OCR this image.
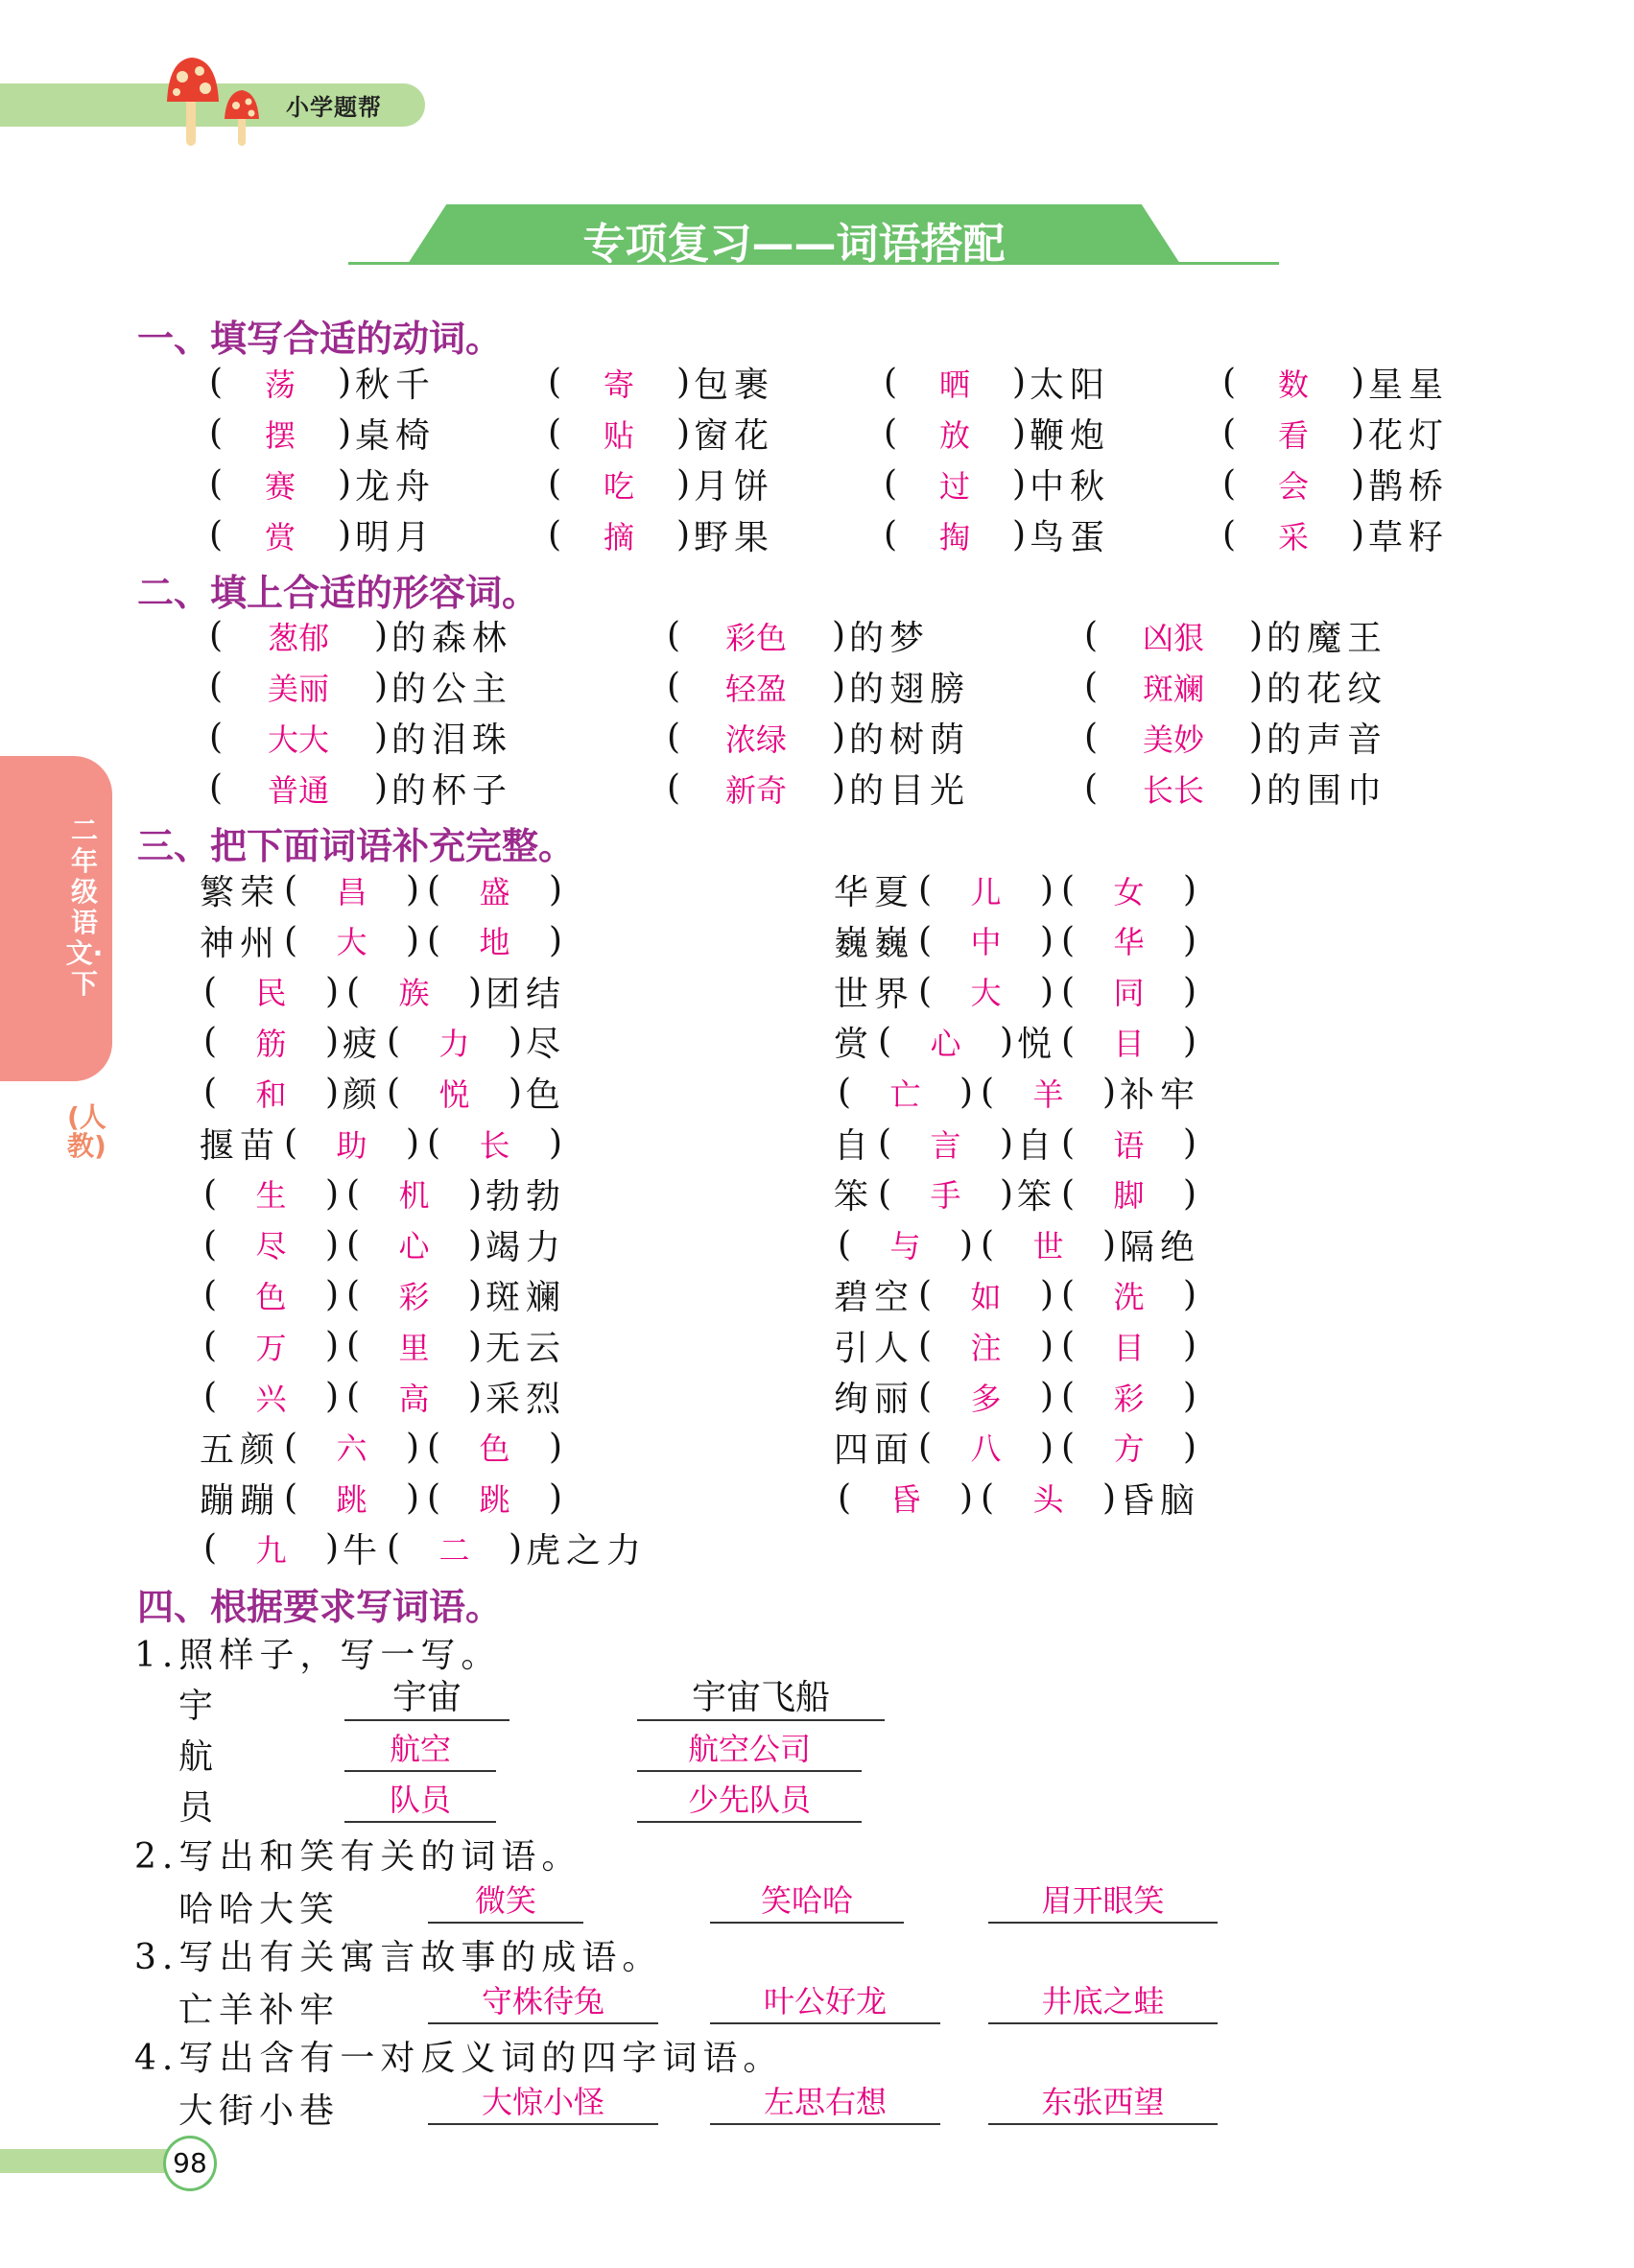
小学题帮
专项复习——词语搭配
二年级语文·下
(人教)
一、填写合适的动词。
二、填上合适的形容词。
三、把下面词语补充完整。
四、根据要求写词语。
(	荡	) 秋千	(	寄	) 包裹	(	晒	) 太阳	(	数	) 星星
(	摆	) 桌椅	(	贴	) 窗花	(	放	) 鞭炮	(	看	) 花灯
(	赛	) 龙舟	(	吃	) 月饼	(	过	) 中秋	(	会	) 鹊桥
(	赏	) 明月	(	摘	) 野果	(	掏	) 鸟蛋	(	采	) 草籽
(	葱郁	) 的森林	(	彩色	) 的梦	(	凶狠	) 的魔王
(	美丽	) 的公主	(	轻盈	) 的翅膀	(	斑斓	) 的花纹
(	大大	) 的泪珠	(	浓绿	) 的树荫	(	美妙	) 的声音
(	普通	) 的杯子	(	新奇	) 的目光	(	长长	) 的围巾
繁荣 (	昌	) (	盛	)
神州 (	大	) (	地	)
(	民	) (	族	) 团结
(	筋	) 疲 (	力	) 尽
(	和	) 颜 (	悦	) 色
揠苗 (	助	) (	长	)
(	生	) (	机	) 勃勃
(	尽	) (	心	) 竭力
(	色	) (	彩	) 斑斓
(	万	) (	里	) 无云
(	兴	) (	高	) 采烈
五颜 (	六	) (	色	)
蹦蹦 (	跳	) (	跳	)
(	九	) 牛 (	二	) 虎之力
华夏 (	儿	) (	女	)
巍巍 (	中	) (	华	)
世界 (	大	) (	同	)
赏 (	心	) 悦 (	目	)
(	亡	) (	羊	) 补牢
自 (	言	) 自 (	语	)
笨 (	手	) 笨 (	脚	)
(	与	) (	世	) 隔绝
碧空 (	如	) (	洗	)
引人 (	注	) (	目	)
绚丽 (	多	) (	彩	)
四面 (	八	) (	方	)
(	昏	) (	头	) 昏脑
1.照样子，写一写。
宇	宇宙	宇宙飞船
航	航空	航空公司
员	队员	少先队员
2.写出和笑有关的词语。
哈哈大笑	微笑	笑哈哈	眉开眼笑
3.写出有关寓言故事的成语。
亡羊补牢	守株待兔	叶公好龙	井底之蛙
4.写出含有一对反义词的四字词语。
大街小巷	大惊小怪	左思右想	东张西望
98
